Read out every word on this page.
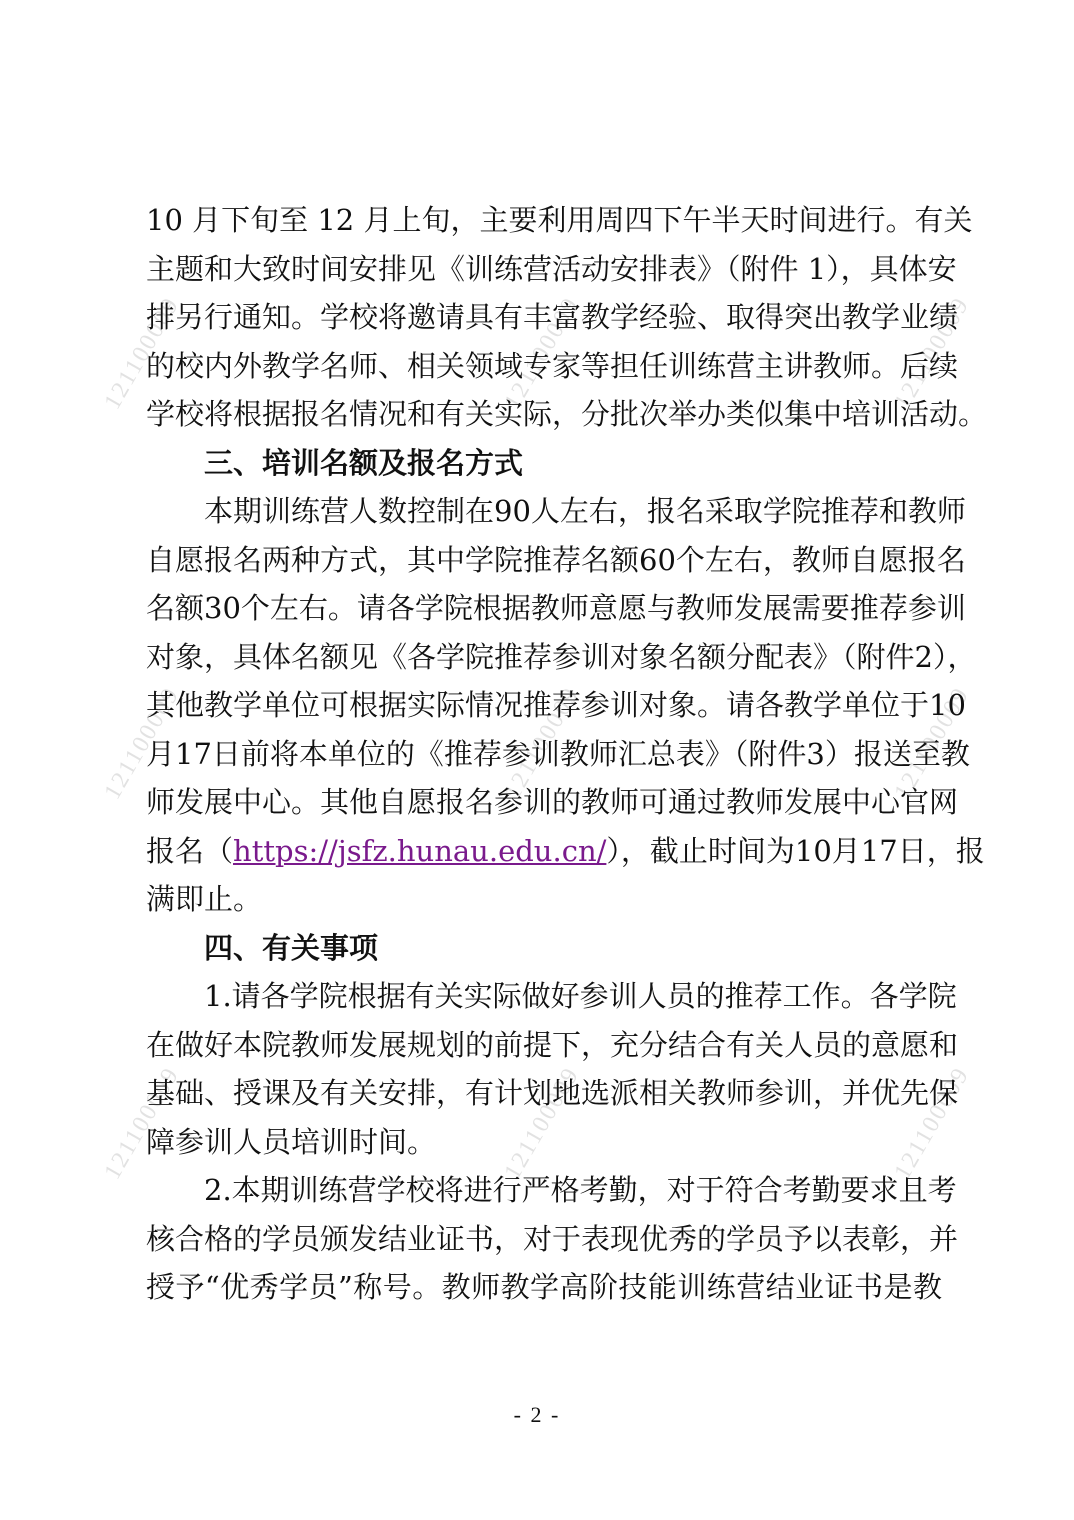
121100009	121100009	121100009
121100009	121100009	121100009
121100009	121100009	121100009
10 月下旬至 12 月上旬，主要利用周四下午半天时间进行。有关
主题和大致时间安排见《训练营活动安排表》（附件 1），具体安
排另行通知。学校将邀请具有丰富教学经验、取得突出教学业绩
的校内外教学名师、相关领域专家等担任训练营主讲教师。后续
学校将根据报名情况和有关实际，分批次举办类似集中培训活动。
三、培训名额及报名方式
本期训练营人数控制在90人左右，报名采取学院推荐和教师
自愿报名两种方式，其中学院推荐名额60个左右，教师自愿报名
名额30个左右。请各学院根据教师意愿与教师发展需要推荐参训
对象，具体名额见《各学院推荐参训对象名额分配表》（附件2），
其他教学单位可根据实际情况推荐参训对象。请各教学单位于10
月17日前将本单位的《推荐参训教师汇总表》（附件3）报送至教
师发展中心。其他自愿报名参训的教师可通过教师发展中心官网
报名（https://jsfz.hunau.edu.cn/），截止时间为10月17日，报
满即止。
四、有关事项
1.请各学院根据有关实际做好参训人员的推荐工作。各学院
在做好本院教师发展规划的前提下，充分结合有关人员的意愿和
基础、授课及有关安排，有计划地选派相关教师参训，并优先保
障参训人员培训时间。
2.本期训练营学校将进行严格考勤，对于符合考勤要求且考
核合格的学员颁发结业证书，对于表现优秀的学员予以表彰，并
授予“优秀学员”称号。教师教学高阶技能训练营结业证书是教
- 2 -
